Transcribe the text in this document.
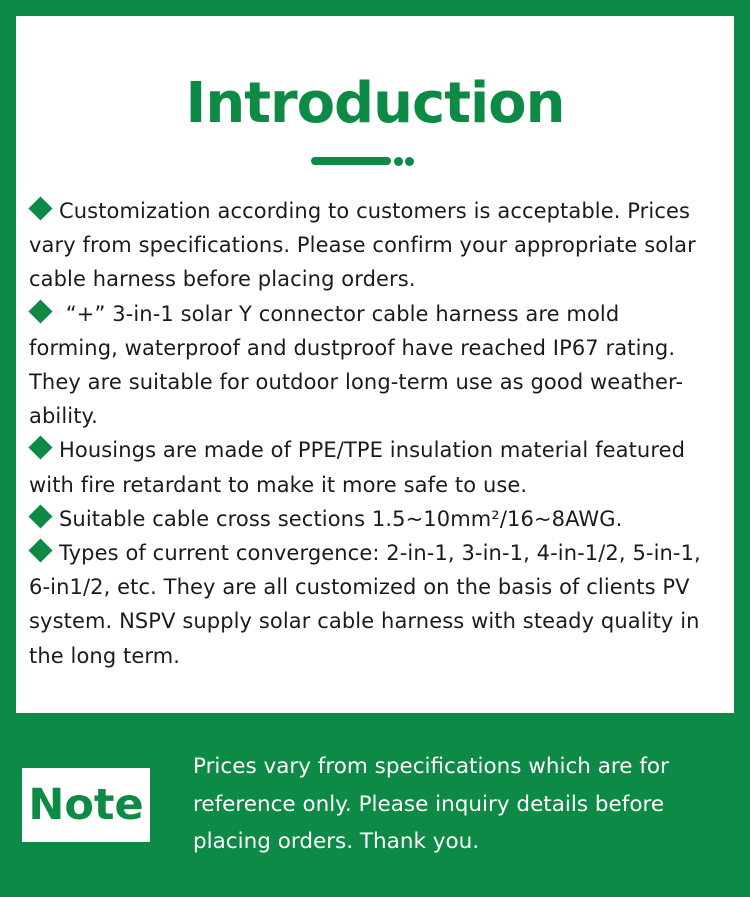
Introduction

Customization according to customers is acceptable. Prices vary from specifications. Please confirm your appropriate solar cable harness before placing orders.

“+” 3-in-1 solar Y connector cable harness are mold forming, waterproof and dustproof have reached IP67 rating. They are suitable for outdoor long-term use as good weather-ability.

Housings are made of PPE/TPE insulation material featured with fire retardant to make it more safe to use.

Suitable cable cross sections 1.5~10mm²/16~8AWG.

Types of current convergence: 2-in-1, 3-in-1, 4-in-1/2, 5-in-1, 6-in1/2, etc. They are all customized on the basis of clients PV system. NSPV supply solar cable harness with steady quality in the long term.

Note
Prices vary from specifications which are for reference only. Please inquiry details before placing orders. Thank you.
